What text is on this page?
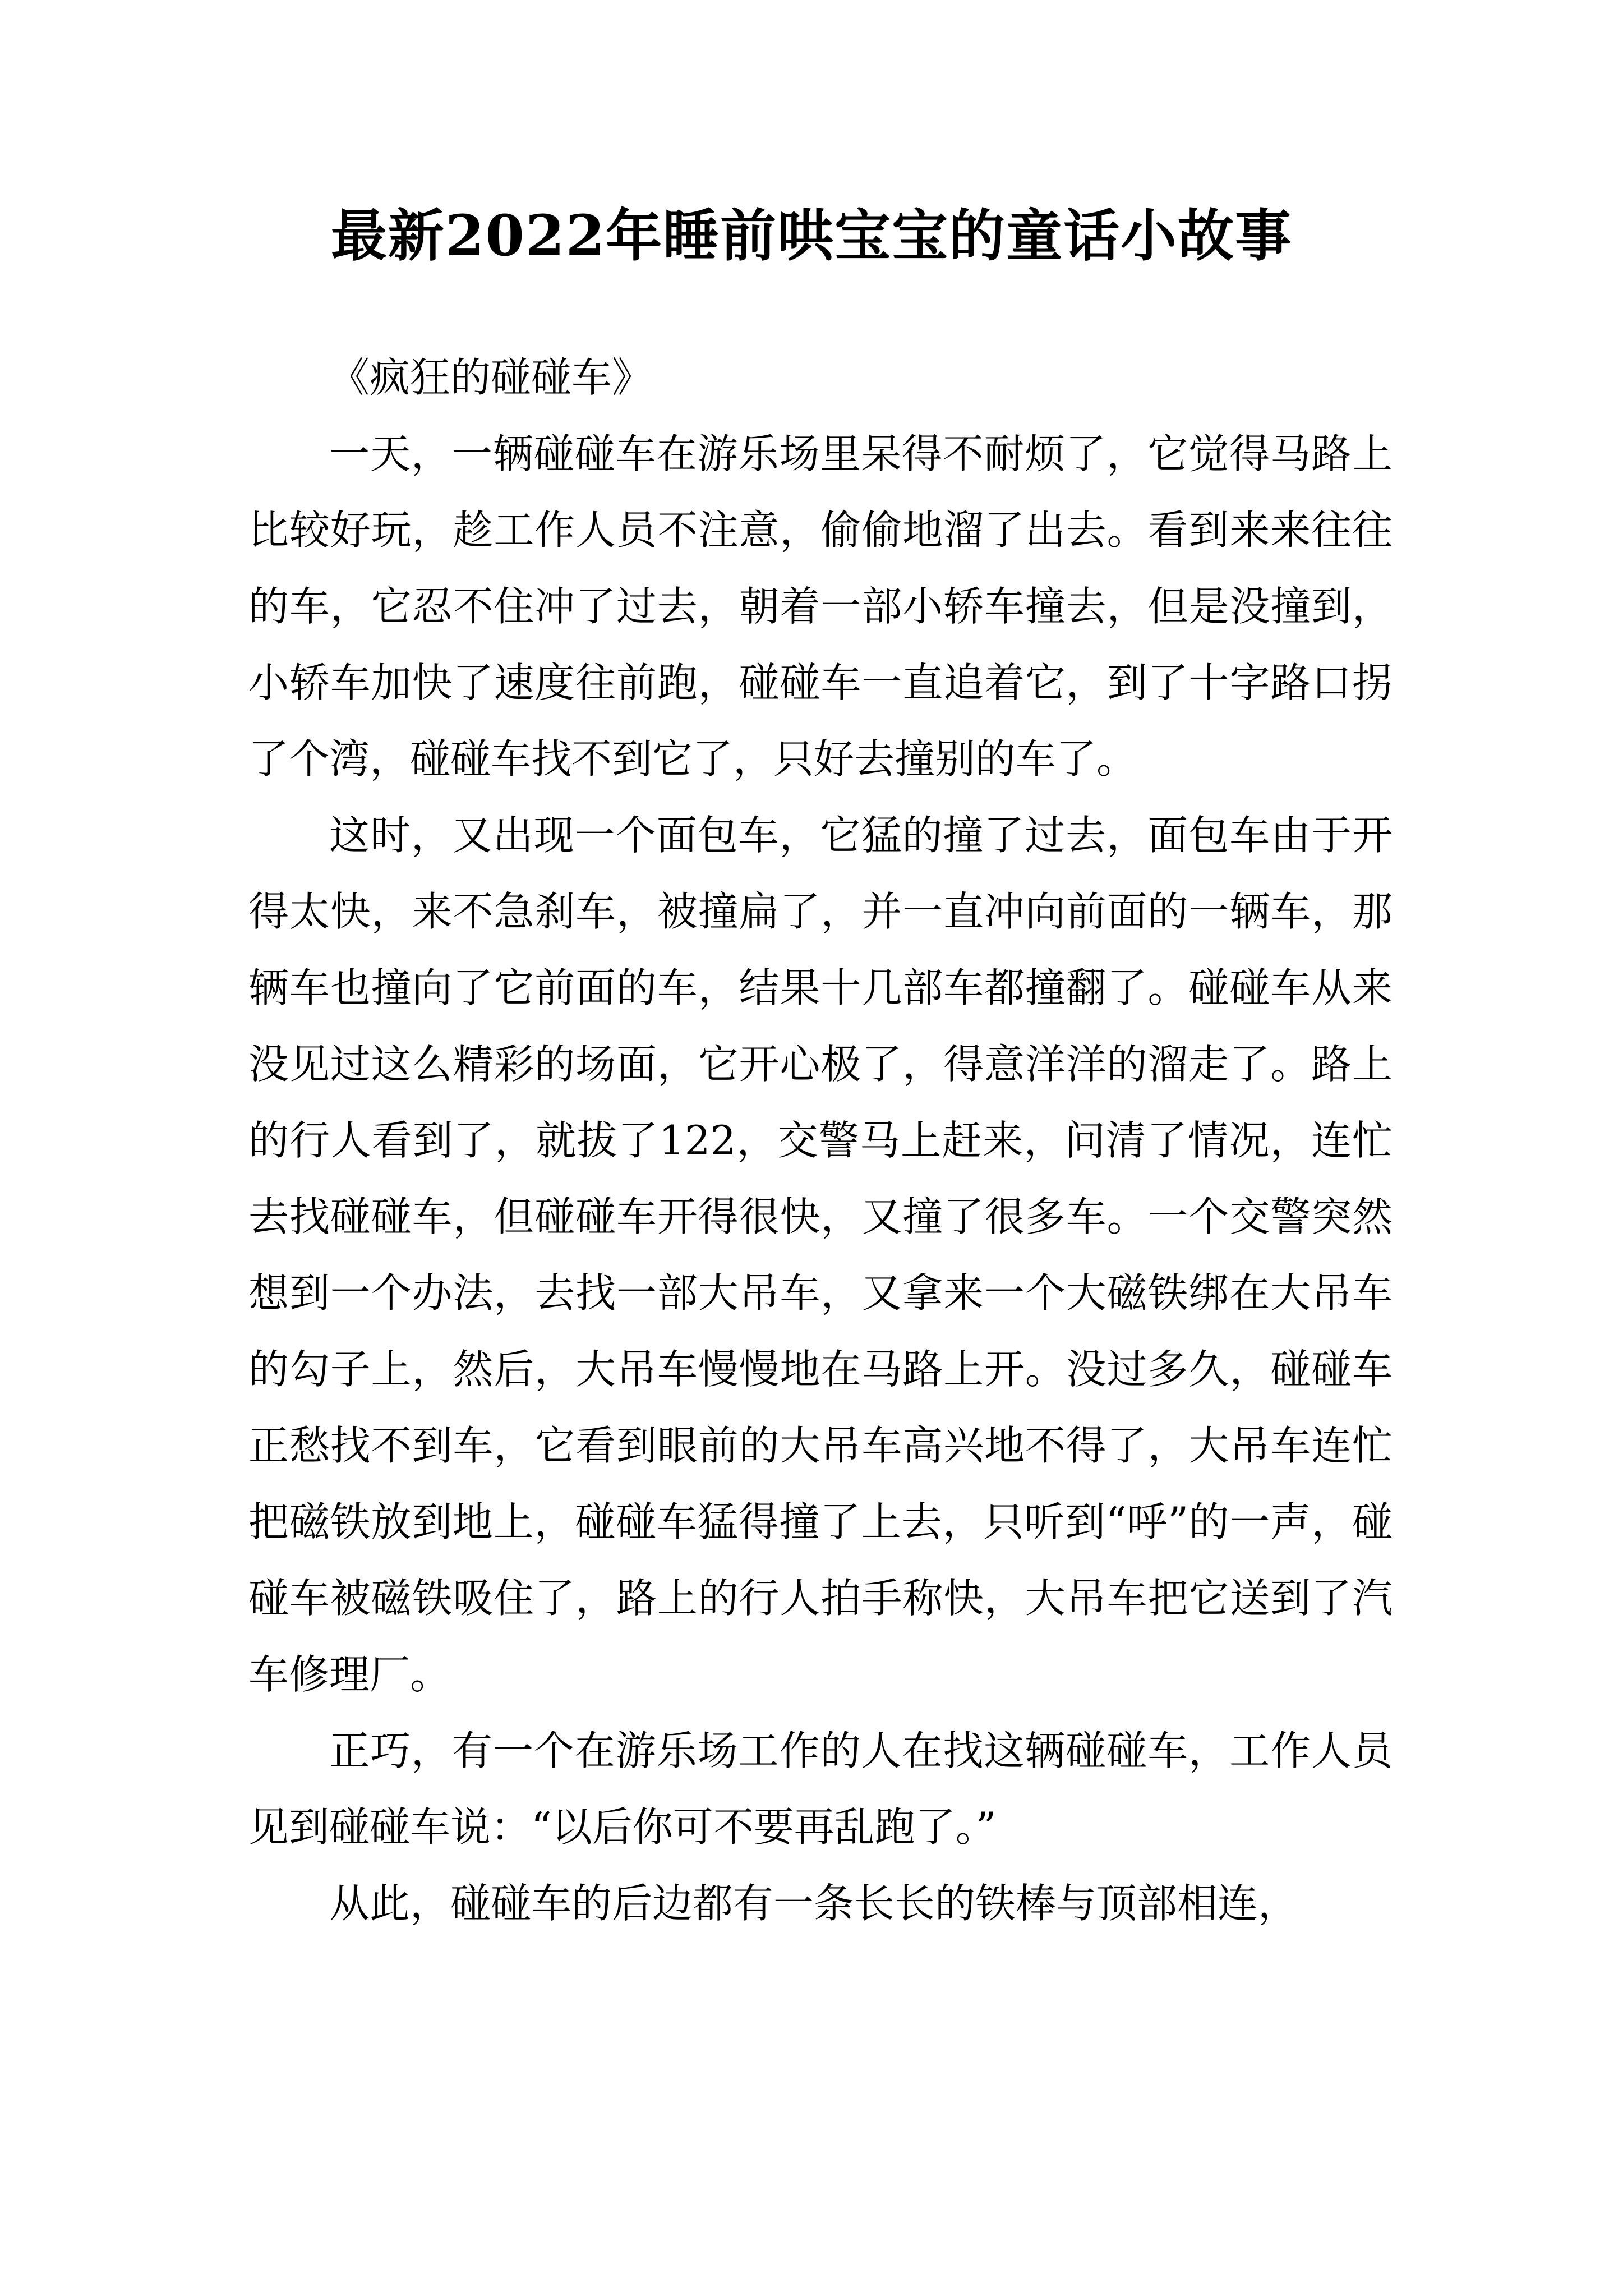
最新2022年睡前哄宝宝的童话小故事

《疯狂的碰碰车》

一天，一辆碰碰车在游乐场里呆得不耐烦了，它觉得马路上比较好玩，趁工作人员不注意，偷偷地溜了出去。看到来来往往的车，它忍不住冲了过去，朝着一部小轿车撞去，但是没撞到，小轿车加快了速度往前跑，碰碰车一直追着它，到了十字路口拐了个湾，碰碰车找不到它了，只好去撞别的车了。

这时，又出现一个面包车，它猛的撞了过去，面包车由于开得太快，来不急刹车，被撞扁了，并一直冲向前面的一辆车，那辆车也撞向了它前面的车，结果十几部车都撞翻了。碰碰车从来没见过这么精彩的场面，它开心极了，得意洋洋的溜走了。路上的行人看到了，就拔了122，交警马上赶来，问清了情况，连忙去找碰碰车，但碰碰车开得很快，又撞了很多车。一个交警突然想到一个办法，去找一部大吊车，又拿来一个大磁铁绑在大吊车的勾子上，然后，大吊车慢慢地在马路上开。没过多久，碰碰车正愁找不到车，它看到眼前的大吊车高兴地不得了，大吊车连忙把磁铁放到地上，碰碰车猛得撞了上去，只听到“呼”的一声，碰碰车被磁铁吸住了，路上的行人拍手称快，大吊车把它送到了汽车修理厂。

正巧，有一个在游乐场工作的人在找这辆碰碰车，工作人员见到碰碰车说：“以后你可不要再乱跑了。”

从此，碰碰车的后边都有一条长长的铁棒与顶部相连，
